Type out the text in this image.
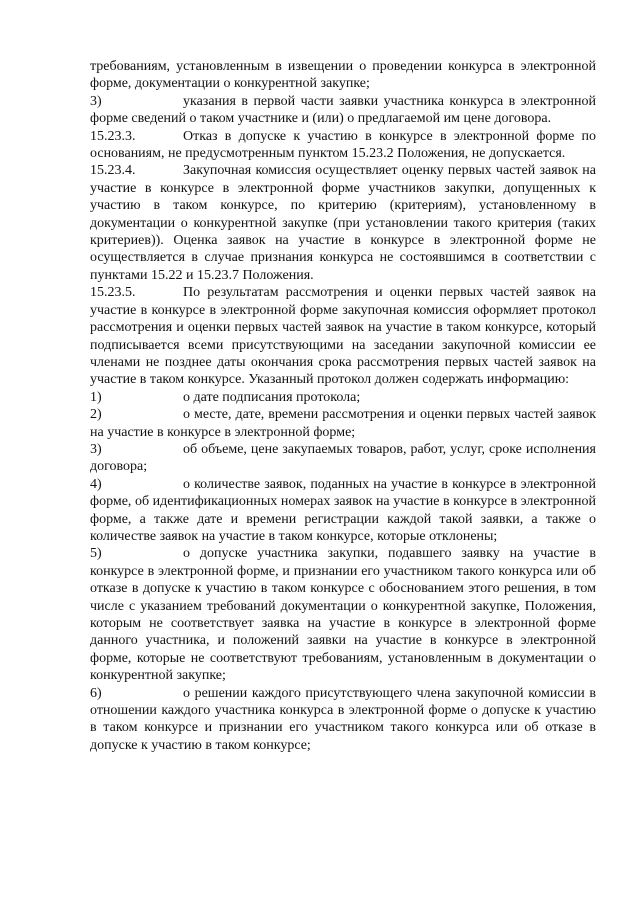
требованиям, установленным в извещении о проведении конкурса в электронной форме, документации о конкурентной закупке;

3)	указания в первой части заявки участника конкурса в электронной форме сведений о таком участнике и (или) о предлагаемой им цене договора.

15.23.3.	Отказ в допуске к участию в конкурсе в электронной форме по основаниям, не предусмотренным пунктом 15.23.2 Положения, не допускается.

15.23.4.	Закупочная комиссия осуществляет оценку первых частей заявок на участие в конкурсе в электронной форме участников закупки, допущенных к участию в таком конкурсе, по критерию (критериям), установленному в документации о конкурентной закупке (при установлении такого критерия (таких критериев)). Оценка заявок на участие в конкурсе в электронной форме не осуществляется в случае признания конкурса не состоявшимся в соответствии с пунктами 15.22 и 15.23.7 Положения.

15.23.5.	По результатам рассмотрения и оценки первых частей заявок на участие в конкурсе в электронной форме закупочная комиссия оформляет протокол рассмотрения и оценки первых частей заявок на участие в таком конкурсе, который подписывается всеми присутствующими на заседании закупочной комиссии ее членами не позднее даты окончания срока рассмотрения первых частей заявок на участие в таком конкурсе. Указанный протокол должен содержать информацию:

1)	о дате подписания протокола;

2)	о месте, дате, времени рассмотрения и оценки первых частей заявок на участие в конкурсе в электронной форме;

3)	об объеме, цене закупаемых товаров, работ, услуг, сроке исполнения договора;

4)	о количестве заявок, поданных на участие в конкурсе в электронной форме, об идентификационных номерах заявок на участие в конкурсе в электронной форме, а также дате и времени регистрации каждой такой заявки, а также о количестве заявок на участие в таком конкурсе, которые отклонены;

5)	о допуске участника закупки, подавшего заявку на участие в конкурсе в электронной форме, и признании его участником такого конкурса или об отказе в допуске к участию в таком конкурсе с обоснованием этого решения, в том числе с указанием требований документации о конкурентной закупке, Положения, которым не соответствует заявка на участие в конкурсе в электронной форме данного участника, и положений заявки на участие в конкурсе в электронной форме, которые не соответствуют требованиям, установленным в документации о конкурентной закупке;

6)	о решении каждого присутствующего члена закупочной комиссии в отношении каждого участника конкурса в электронной форме о допуске к участию в таком конкурсе и признании его участником такого конкурса или об отказе в допуске к участию в таком конкурсе;
